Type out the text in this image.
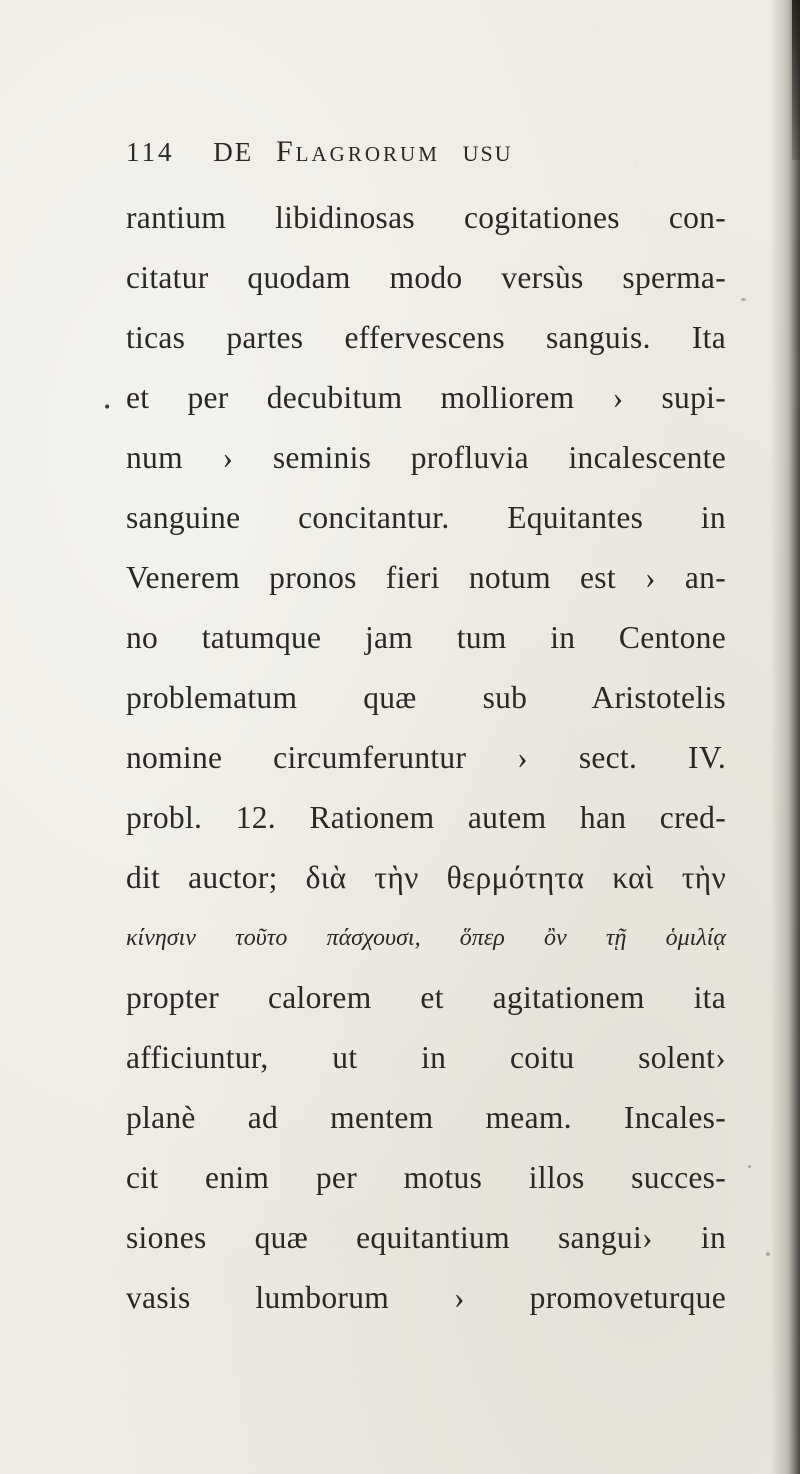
114 DE Flagrorum USU
•
rantium libidinosas cogitationes con-
citatur quodam modo versùs sperma-
ticas partes effervescens sanguis. Ita
et per decubitum molliorem › supi-
num › seminis profluvia incalescente
sanguine concitantur. Equitantes in
Venerem pronos fieri notum est › an-
no tatumque jam tum in Centone
problematum quæ sub Aristotelis
nomine circumferuntur › sect. IV.
probl. 12. Rationem autem han cred-
dit auctor; διὰ τὴν θερμότητα καὶ τὴν
κίνησιν τοῦτο πάσχουσι, ὅπερ ὂν τῇ ὁμιλίᾳ
propter calorem et agitationem ita
afficiuntur, ut in coitu solent›
planè ad mentem meam. Incales-
cit enim per motus illos succes-
siones quæ equitantium sangui› in
vasis lumborum › promoveturque
